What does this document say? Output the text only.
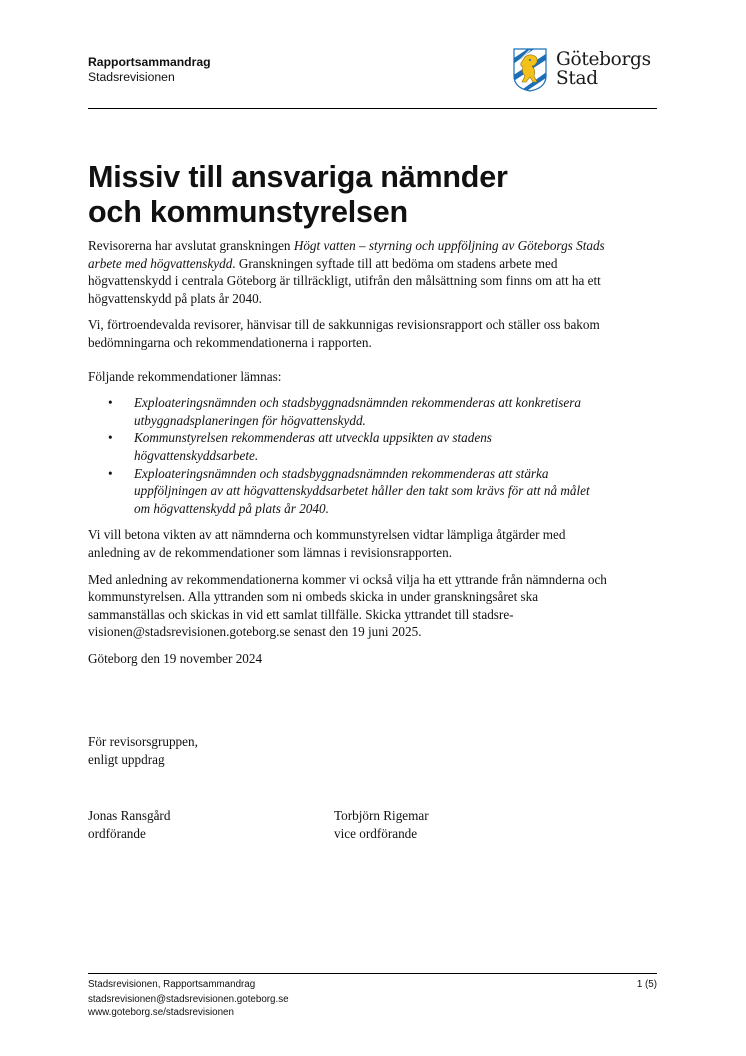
Rapportsammandrag
Stadsrevisionen
Göteborgs
Stad
Missiv till ansvariga nämnder
och kommunstyrelsen

Revisorerna har avslutat granskningen Högt vatten – styrning och uppföljning av Göteborgs Stads arbete med högvattenskydd. Granskningen syftade till att bedöma om stadens arbete med högvattenskydd i centrala Göteborg är tillräckligt, utifrån den målsättning som finns om att ha ett högvattenskydd på plats år 2040.

Vi, förtroendevalda revisorer, hänvisar till de sakkunnigas revisionsrapport och ställer oss bakom bedömningarna och rekommendationerna i rapporten.

Följande rekommendationer lämnas:

• Exploateringsnämnden och stadsbyggnadsnämnden rekommenderas att konkretisera utbyggnadsplaneringen för högvattenskydd.
• Kommunstyrelsen rekommenderas att utveckla uppsikten av stadens högvattenskyddsarbete.
• Exploateringsnämnden och stadsbyggnadsnämnden rekommenderas att stärka uppföljningen av att högvattenskyddsarbetet håller den takt som krävs för att nå målet om högvattenskydd på plats år 2040.

Vi vill betona vikten av att nämnderna och kommunstyrelsen vidtar lämpliga åtgärder med anledning av de rekommendationer som lämnas i revisionsrapporten.

Med anledning av rekommendationerna kommer vi också vilja ha ett yttrande från nämnderna och kommunstyrelsen. Alla yttranden som ni ombeds skicka in under granskningsåret ska sammanställas och skickas in vid ett samlat tillfälle. Skicka yttrandet till stadsrevisionen@stadsrevisionen.goteborg.se senast den 19 juni 2025.

Göteborg den 19 november 2024

För revisorsgruppen,
enligt uppdrag
Jonas Ransgård
ordförande
Torbjörn Rigemar
vice ordförande
Stadsrevisionen, Rapportsammandrag	1 (5)
stadsrevisionen@stadsrevisionen.goteborg.se
www.goteborg.se/stadsrevisionen
